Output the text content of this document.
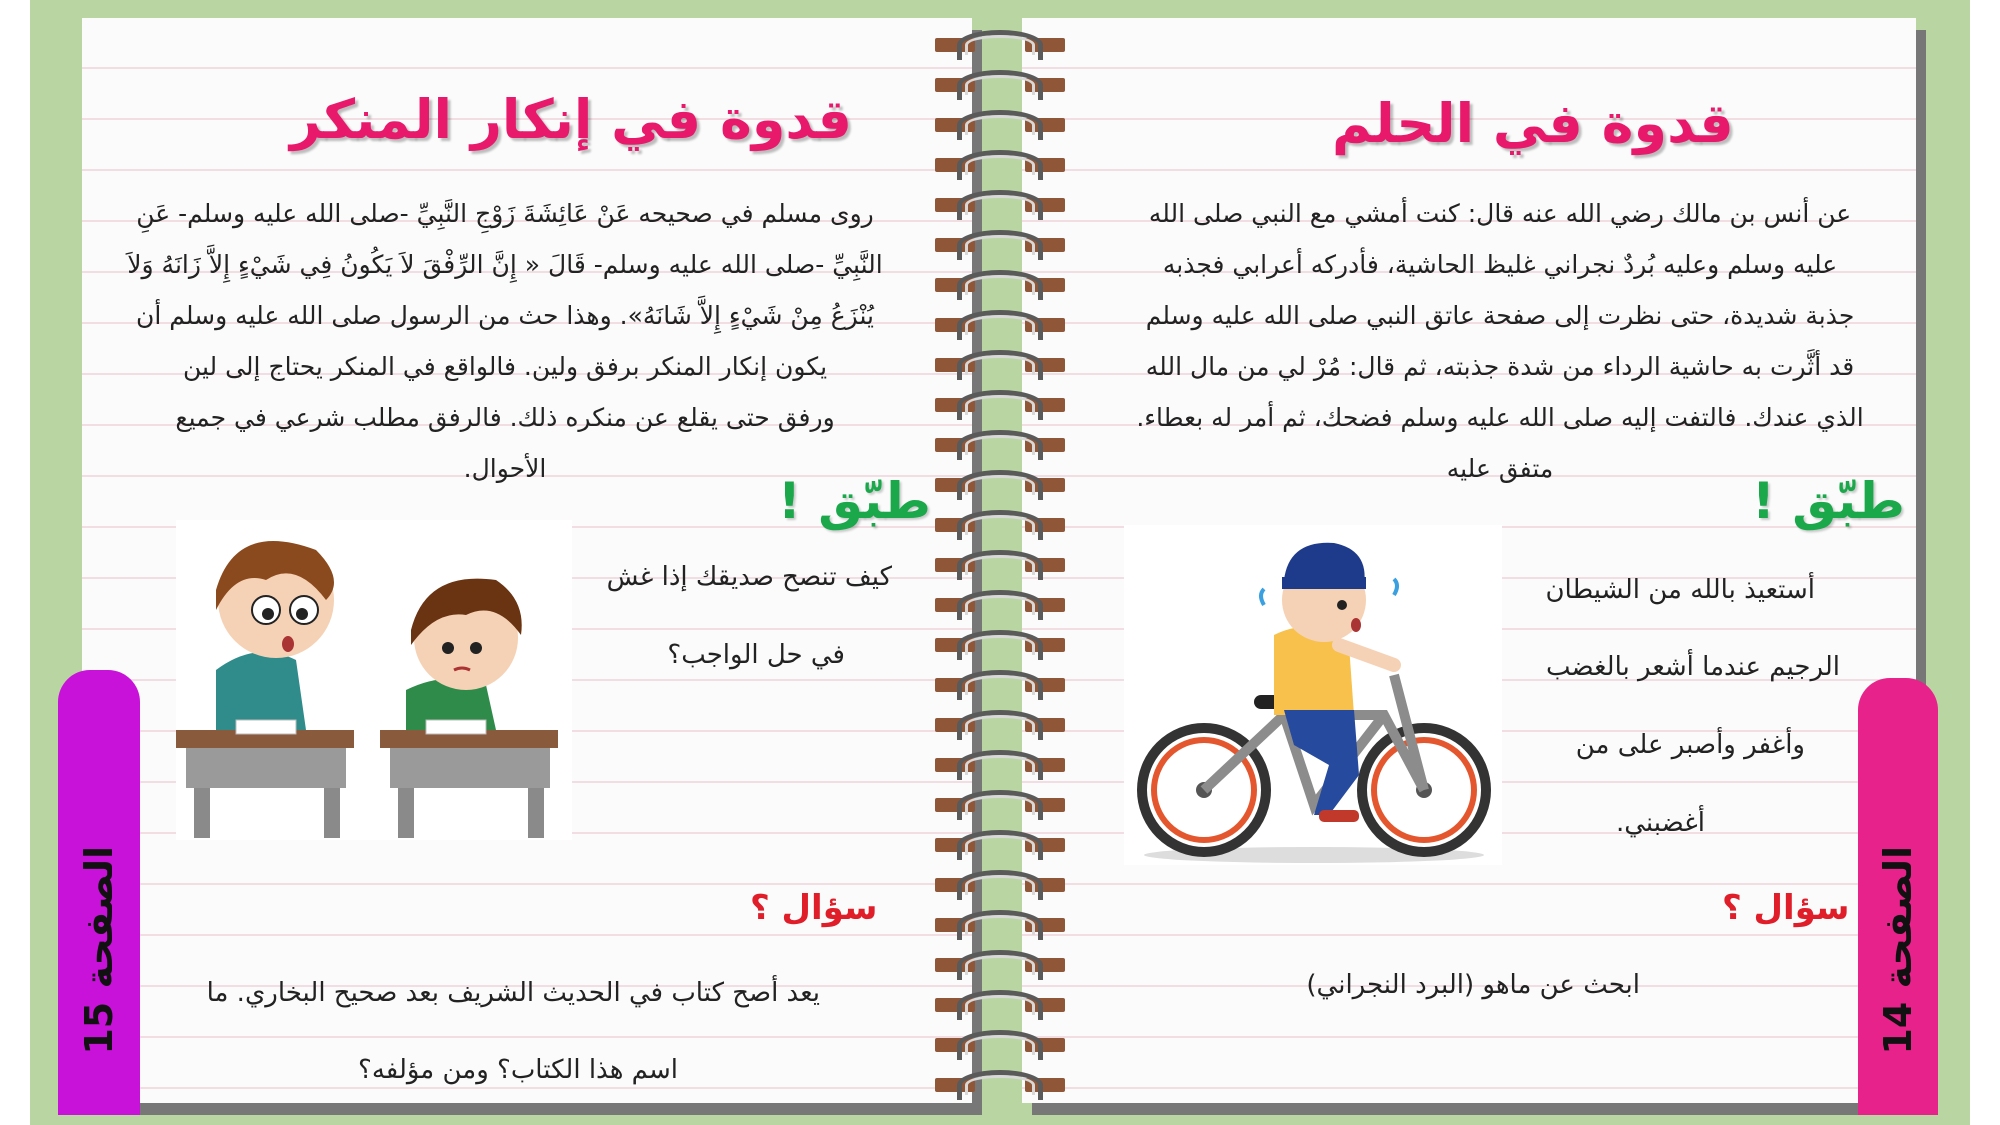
قدوة في إنكار المنكر
روى مسلم في صحيحه عَنْ عَائِشَةَ زَوْجِ النَّبِيِّ -صلى الله عليه وسلم- عَنِ
النَّبِيِّ -صلى الله عليه وسلم- قَالَ « إِنَّ الرِّفْقَ لاَ يَكُونُ فِي شَيْءٍ إِلاَّ زَانَهُ وَلاَ
يُنْزَعُ مِنْ شَيْءٍ إِلاَّ شَانَهُ». وهذا حث من الرسول صلى الله عليه وسلم أن
يكون إنكار المنكر برفق ولين. فالواقع في المنكر يحتاج إلى لين
ورفق حتى يقلع عن منكره ذلك. فالرفق مطلب شرعي في جميع
الأحوال.
طبّق !
كيف تنصح صديقك إذا غش
في حل الواجب؟
سؤال ؟
يعد أصح كتاب في الحديث الشريف بعد صحيح البخاري. ما
اسم هذا الكتاب؟ ومن مؤلفه؟
الصفحة 15
قدوة في الحلم
عن أنس بن مالك رضي الله عنه قال: كنت أمشي مع النبي صلى الله
عليه وسلم وعليه بُردٌ نجراني غليظ الحاشية، فأدركه أعرابي فجذبه
جذبة شديدة، حتى نظرت إلى صفحة عاتق النبي صلى الله عليه وسلم
قد أثَّرت به حاشية الرداء من شدة جذبته، ثم قال: مُرْ لي من مال الله
الذي عندك. فالتفت إليه صلى الله عليه وسلم فضحك، ثم أمر له بعطاء.
متفق عليه
طبّق !
أستعيذ بالله من الشيطان
الرجيم عندما أشعر بالغضب
وأغفر وأصبر على من
أغضبني.
سؤال ؟
ابحث عن ماهو (البرد النجراني)
الصفحة 14
